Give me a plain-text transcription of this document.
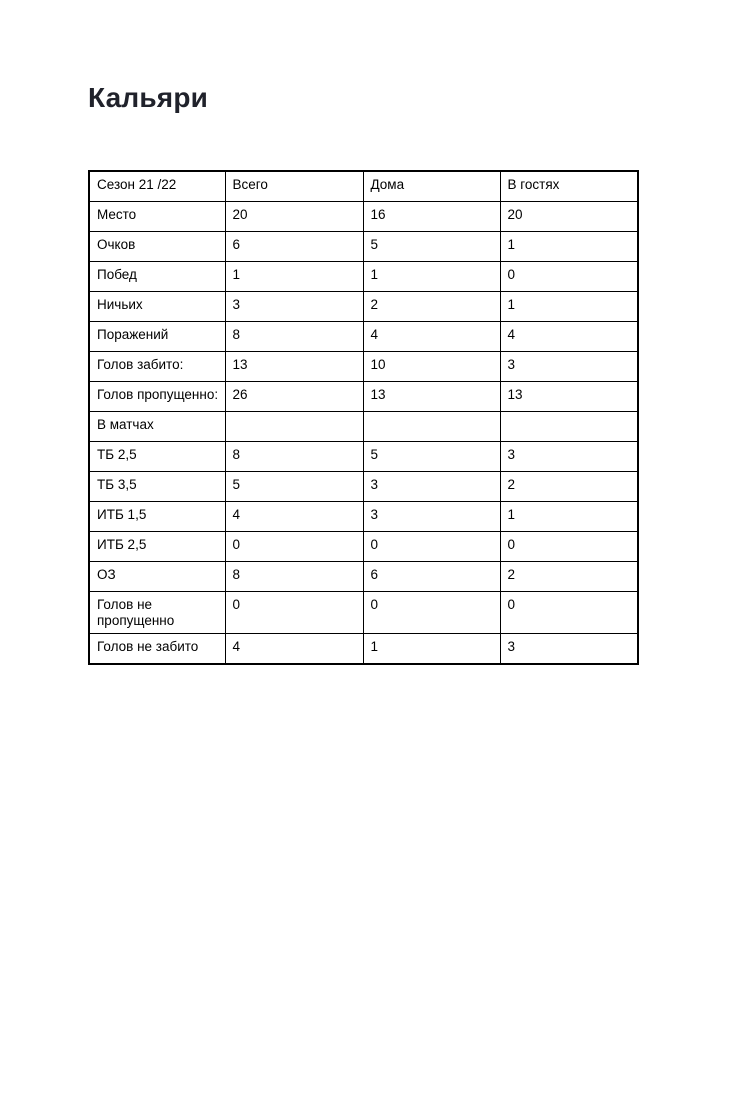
Кальяри
Сезон 21 /22	Всего	Дома	В гостях
Место	20	16	20
Очков	6	5	1
Побед	1	1	0
Ничьих	3	2	1
Поражений	8	4	4
Голов забито:	13	10	3
Голов пропущенно:	26	13	13
В матчах			
ТБ 2,5	8	5	3
ТБ 3,5	5	3	2
ИТБ 1,5	4	3	1
ИТБ 2,5	0	0	0
ОЗ	8	6	2
Голов не пропущенно	0	0	0
Голов не забито	4	1	3
